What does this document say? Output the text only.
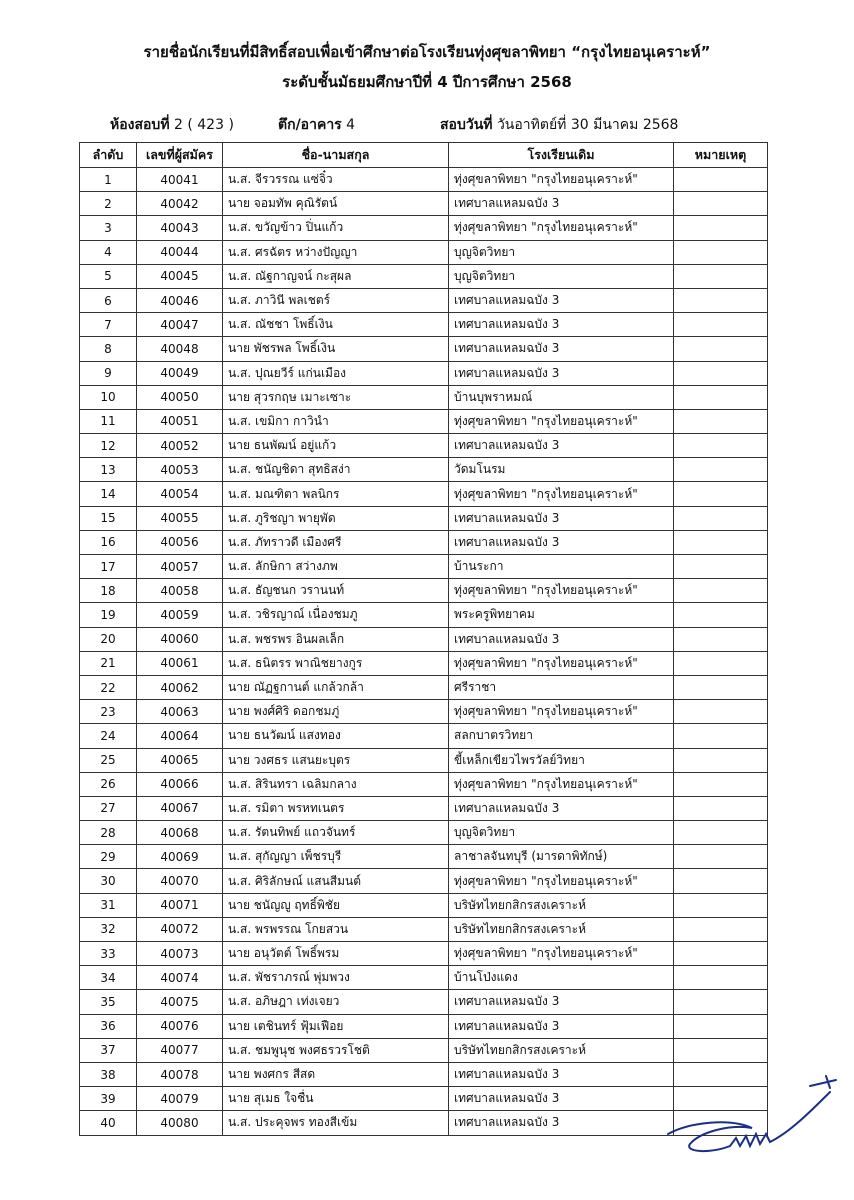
รายชื่อนักเรียนที่มีสิทธิ์สอบเพื่อเข้าศึกษาต่อโรงเรียนทุ่งศุขลาพิทยา “กรุงไทยอนุเคราะห์”
ระดับชั้นมัธยมศึกษาปีที่ 4 ปีการศึกษา 2568
ห้องสอบที่ 2 ( 423 )	ตึก/อาคาร 4	สอบวันที่ วันอาทิตย์ที่ 30 มีนาคม 2568
ลำดับ	เลขที่ผู้สมัคร	ชื่อ-นามสกุล	โรงเรียนเดิม	หมายเหตุ
1	40041	น.ส. จีรวรรณ แซ่จิ๋ว	ทุ่งศุขลาพิทยา "กรุงไทยอนุเคราะห์"	
2	40042	นาย จอมทัพ คุณิรัตน์	เทศบาลแหลมฉบัง 3	
3	40043	น.ส. ขวัญข้าว ปิ่นแก้ว	ทุ่งศุขลาพิทยา "กรุงไทยอนุเคราะห์"	
4	40044	น.ส. ศรฉัตร หว่างปัญญา	บุญจิตวิทยา	
5	40045	น.ส. ณัฐกาญจน์ กะสุผล	บุญจิตวิทยา	
6	40046	น.ส. ภาวินี พลเชตร์	เทศบาลแหลมฉบัง 3	
7	40047	น.ส. ณัชชา โพธิ์เงิน	เทศบาลแหลมฉบัง 3	
8	40048	นาย พัชรพล โพธิ์เงิน	เทศบาลแหลมฉบัง 3	
9	40049	น.ส. ปุณยวีร์ แก่นเมือง	เทศบาลแหลมฉบัง 3	
10	40050	นาย สุวรกฤษ เมาะเซาะ	บ้านบุพราหมณ์	
11	40051	น.ส. เขมิกา กาวินำ	ทุ่งศุขลาพิทยา "กรุงไทยอนุเคราะห์"	
12	40052	นาย ธนพัฒน์ อยู่แก้ว	เทศบาลแหลมฉบัง 3	
13	40053	น.ส. ชนัญชิดา สุทธิสง่า	วัดมโนรม	
14	40054	น.ส. มณฑิตา พลนิกร	ทุ่งศุขลาพิทยา "กรุงไทยอนุเคราะห์"	
15	40055	น.ส. ภูริชญา พายุพัด	เทศบาลแหลมฉบัง 3	
16	40056	น.ส. ภัทราวดี เมืองศรี	เทศบาลแหลมฉบัง 3	
17	40057	น.ส. ลักษิกา สว่างภพ	บ้านระกา	
18	40058	น.ส. ธัญชนก วรานนท์	ทุ่งศุขลาพิทยา "กรุงไทยอนุเคราะห์"	
19	40059	น.ส. วชิรญาณ์ เนื่องชมภู	พระครูพิทยาคม	
20	40060	น.ส. พชรพร อินผลเล็ก	เทศบาลแหลมฉบัง 3	
21	40061	น.ส. ธนิตรร พาณิชยางกูร	ทุ่งศุขลาพิทยา "กรุงไทยอนุเคราะห์"	
22	40062	นาย ณัฏฐกานต์ แกล้วกล้า	ศรีราชา	
23	40063	นาย พงศ์ศิริ ดอกชมภู่	ทุ่งศุขลาพิทยา "กรุงไทยอนุเคราะห์"	
24	40064	นาย ธนวัฒน์ แสงทอง	สลกบาตรวิทยา	
25	40065	นาย วงศธร แสนยะบุตร	ขี้เหล็กเขียวไพรวัลย์วิทยา	
26	40066	น.ส. สิรินทรา เฉลิมกลาง	ทุ่งศุขลาพิทยา "กรุงไทยอนุเคราะห์"	
27	40067	น.ส. รมิตา พรหทเนตร	เทศบาลแหลมฉบัง 3	
28	40068	น.ส. รัตนทิพย์ แถวจันทร์	บุญจิตวิทยา	
29	40069	น.ส. สุกัญญา เพ็ชรบุรี	ลาชาลจันทบุรี (มารดาพิทักษ์)	
30	40070	น.ส. ศิริลักษณ์ แสนสีมนต์	ทุ่งศุขลาพิทยา "กรุงไทยอนุเคราะห์"	
31	40071	นาย ชนัญญู ฤทธิ์พิชัย	บริษัทไทยกสิกรสงเคราะห์	
32	40072	น.ส. พรพรรณ โกยสวน	บริษัทไทยกสิกรสงเคราะห์	
33	40073	นาย อนุวัตต์ โพธิ์พรม	ทุ่งศุขลาพิทยา "กรุงไทยอนุเคราะห์"	
34	40074	น.ส. พัชราภรณ์ พุ่มพวง	บ้านโป่งแดง	
35	40075	น.ส. อภิษฎา เท่งเจยว	เทศบาลแหลมฉบัง 3	
36	40076	นาย เตชินทร์ ฟุ้มเฟือย	เทศบาลแหลมฉบัง 3	
37	40077	น.ส. ชมพูนุช พงศธรวรโชติ	บริษัทไทยกสิกรสงเคราะห์	
38	40078	นาย พงศกร สีสด	เทศบาลแหลมฉบัง 3	
39	40079	นาย สุเมธ ใจชื่น	เทศบาลแหลมฉบัง 3	
40	40080	น.ส. ประคุจพร ทองสีเข้ม	เทศบาลแหลมฉบัง 3	
